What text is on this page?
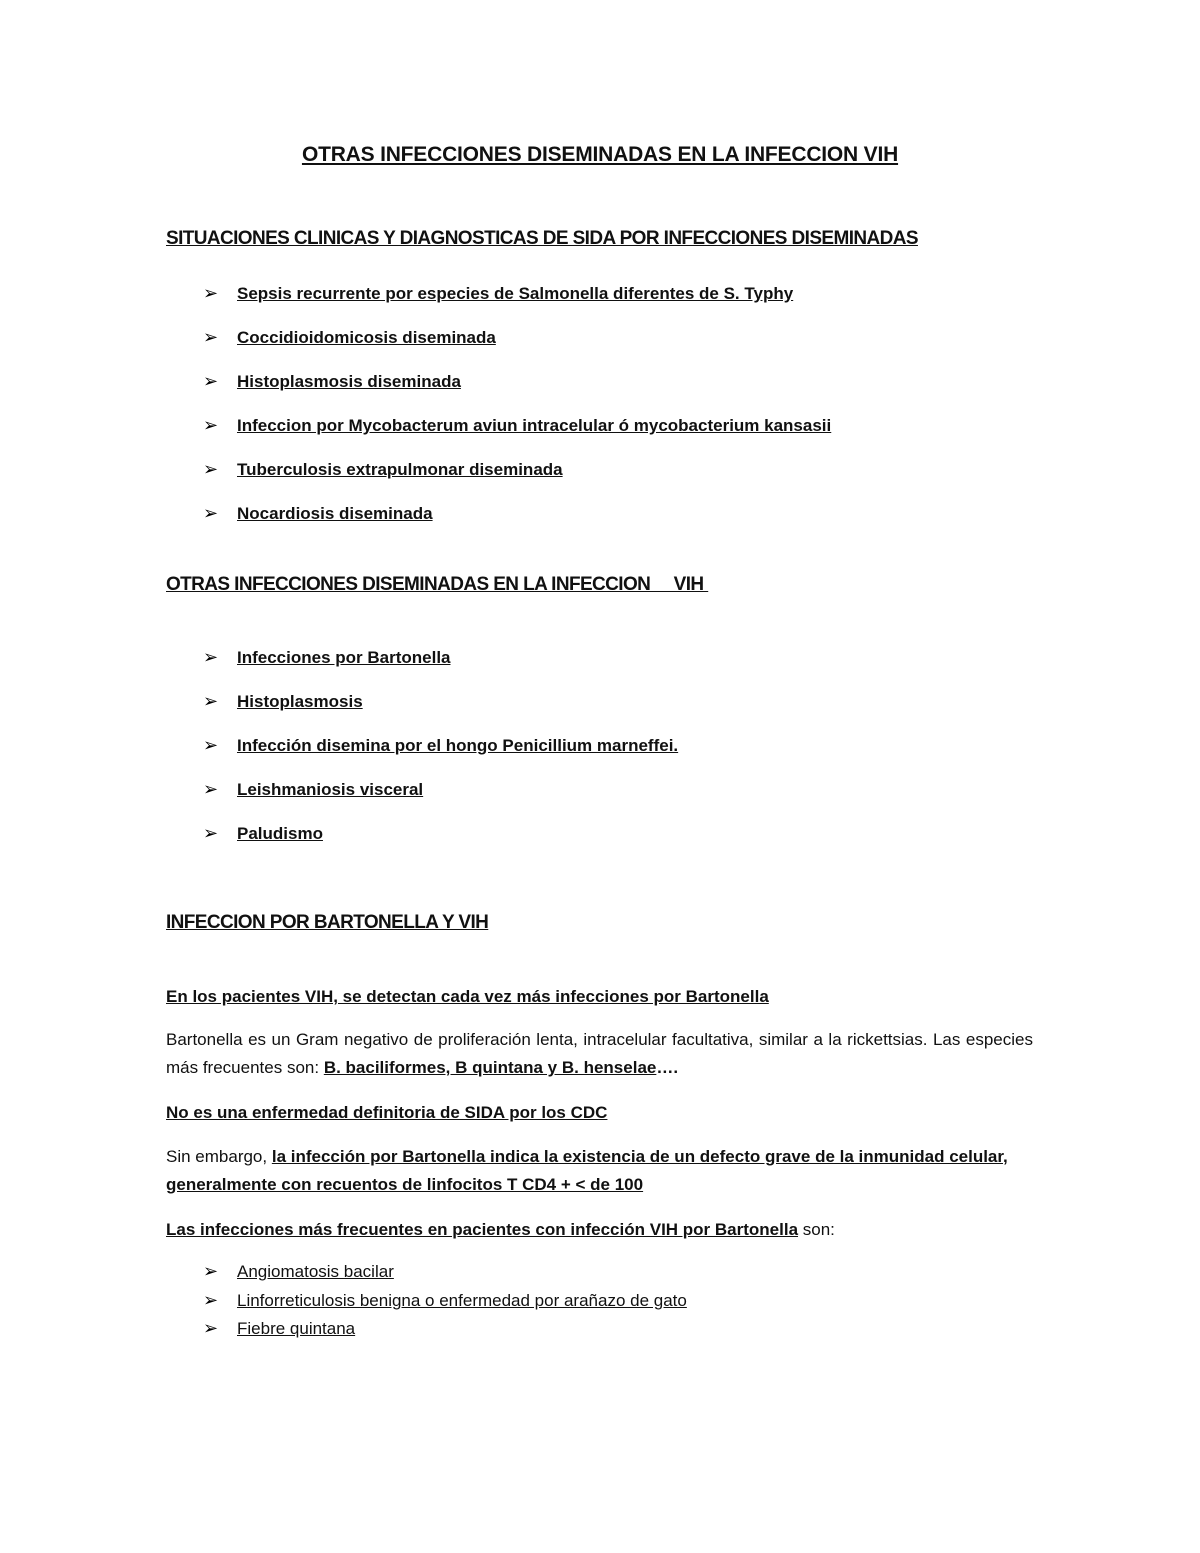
OTRAS INFECCIONES DISEMINADAS EN LA INFECCION VIH
SITUACIONES CLINICAS Y DIAGNOSTICAS DE SIDA POR INFECCIONES DISEMINADAS
➢	Sepsis recurrente por especies de Salmonella diferentes de S. Typhy
➢	Coccidioidomicosis diseminada
➢	Histoplasmosis diseminada
➢	Infeccion por Mycobacterum aviun intracelular ó mycobacterium kansasii
➢	Tuberculosis extrapulmonar diseminada
➢	Nocardiosis diseminada
OTRAS INFECCIONES DISEMINADAS EN LA INFECCION     VIH
➢	Infecciones por Bartonella
➢	Histoplasmosis
➢	Infección disemina por el hongo Penicillium marneffei.
➢	Leishmaniosis visceral
➢	Paludismo
INFECCION POR BARTONELLA Y VIH
En los pacientes VIH, se detectan cada vez más infecciones por Bartonella
Bartonella es un Gram negativo de proliferación lenta, intracelular facultativa, similar a la rickettsias. Las especies más frecuentes son: B. baciliformes, B quintana y B. henselae….
No es una enfermedad definitoria de SIDA por los CDC
Sin embargo, la infección por Bartonella indica la existencia de un defecto grave de la inmunidad celular, generalmente con recuentos de linfocitos T CD4 + < de 100
Las infecciones más frecuentes en pacientes con infección VIH por Bartonella son:
➢	Angiomatosis bacilar
➢	Linforreticulosis benigna o enfermedad por arañazo de gato
➢	Fiebre quintana
